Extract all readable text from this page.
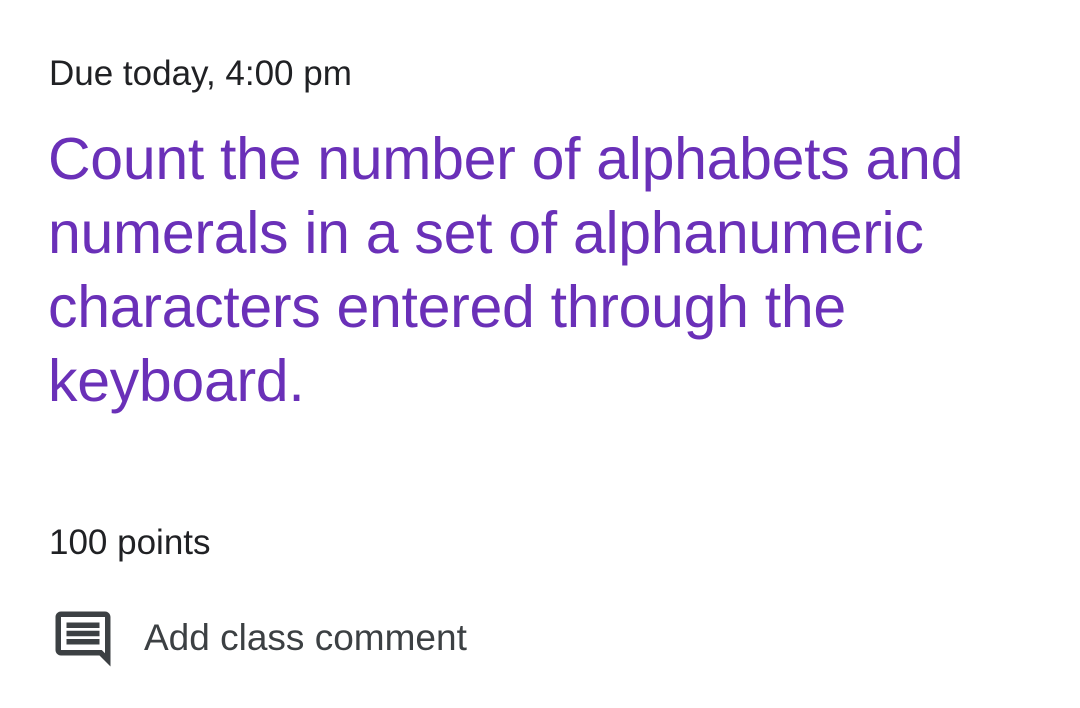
Due today, 4:00 pm
Count the number of alphabets and numerals in a set of alphanumeric characters entered through the keyboard.
100 points
Add class comment
